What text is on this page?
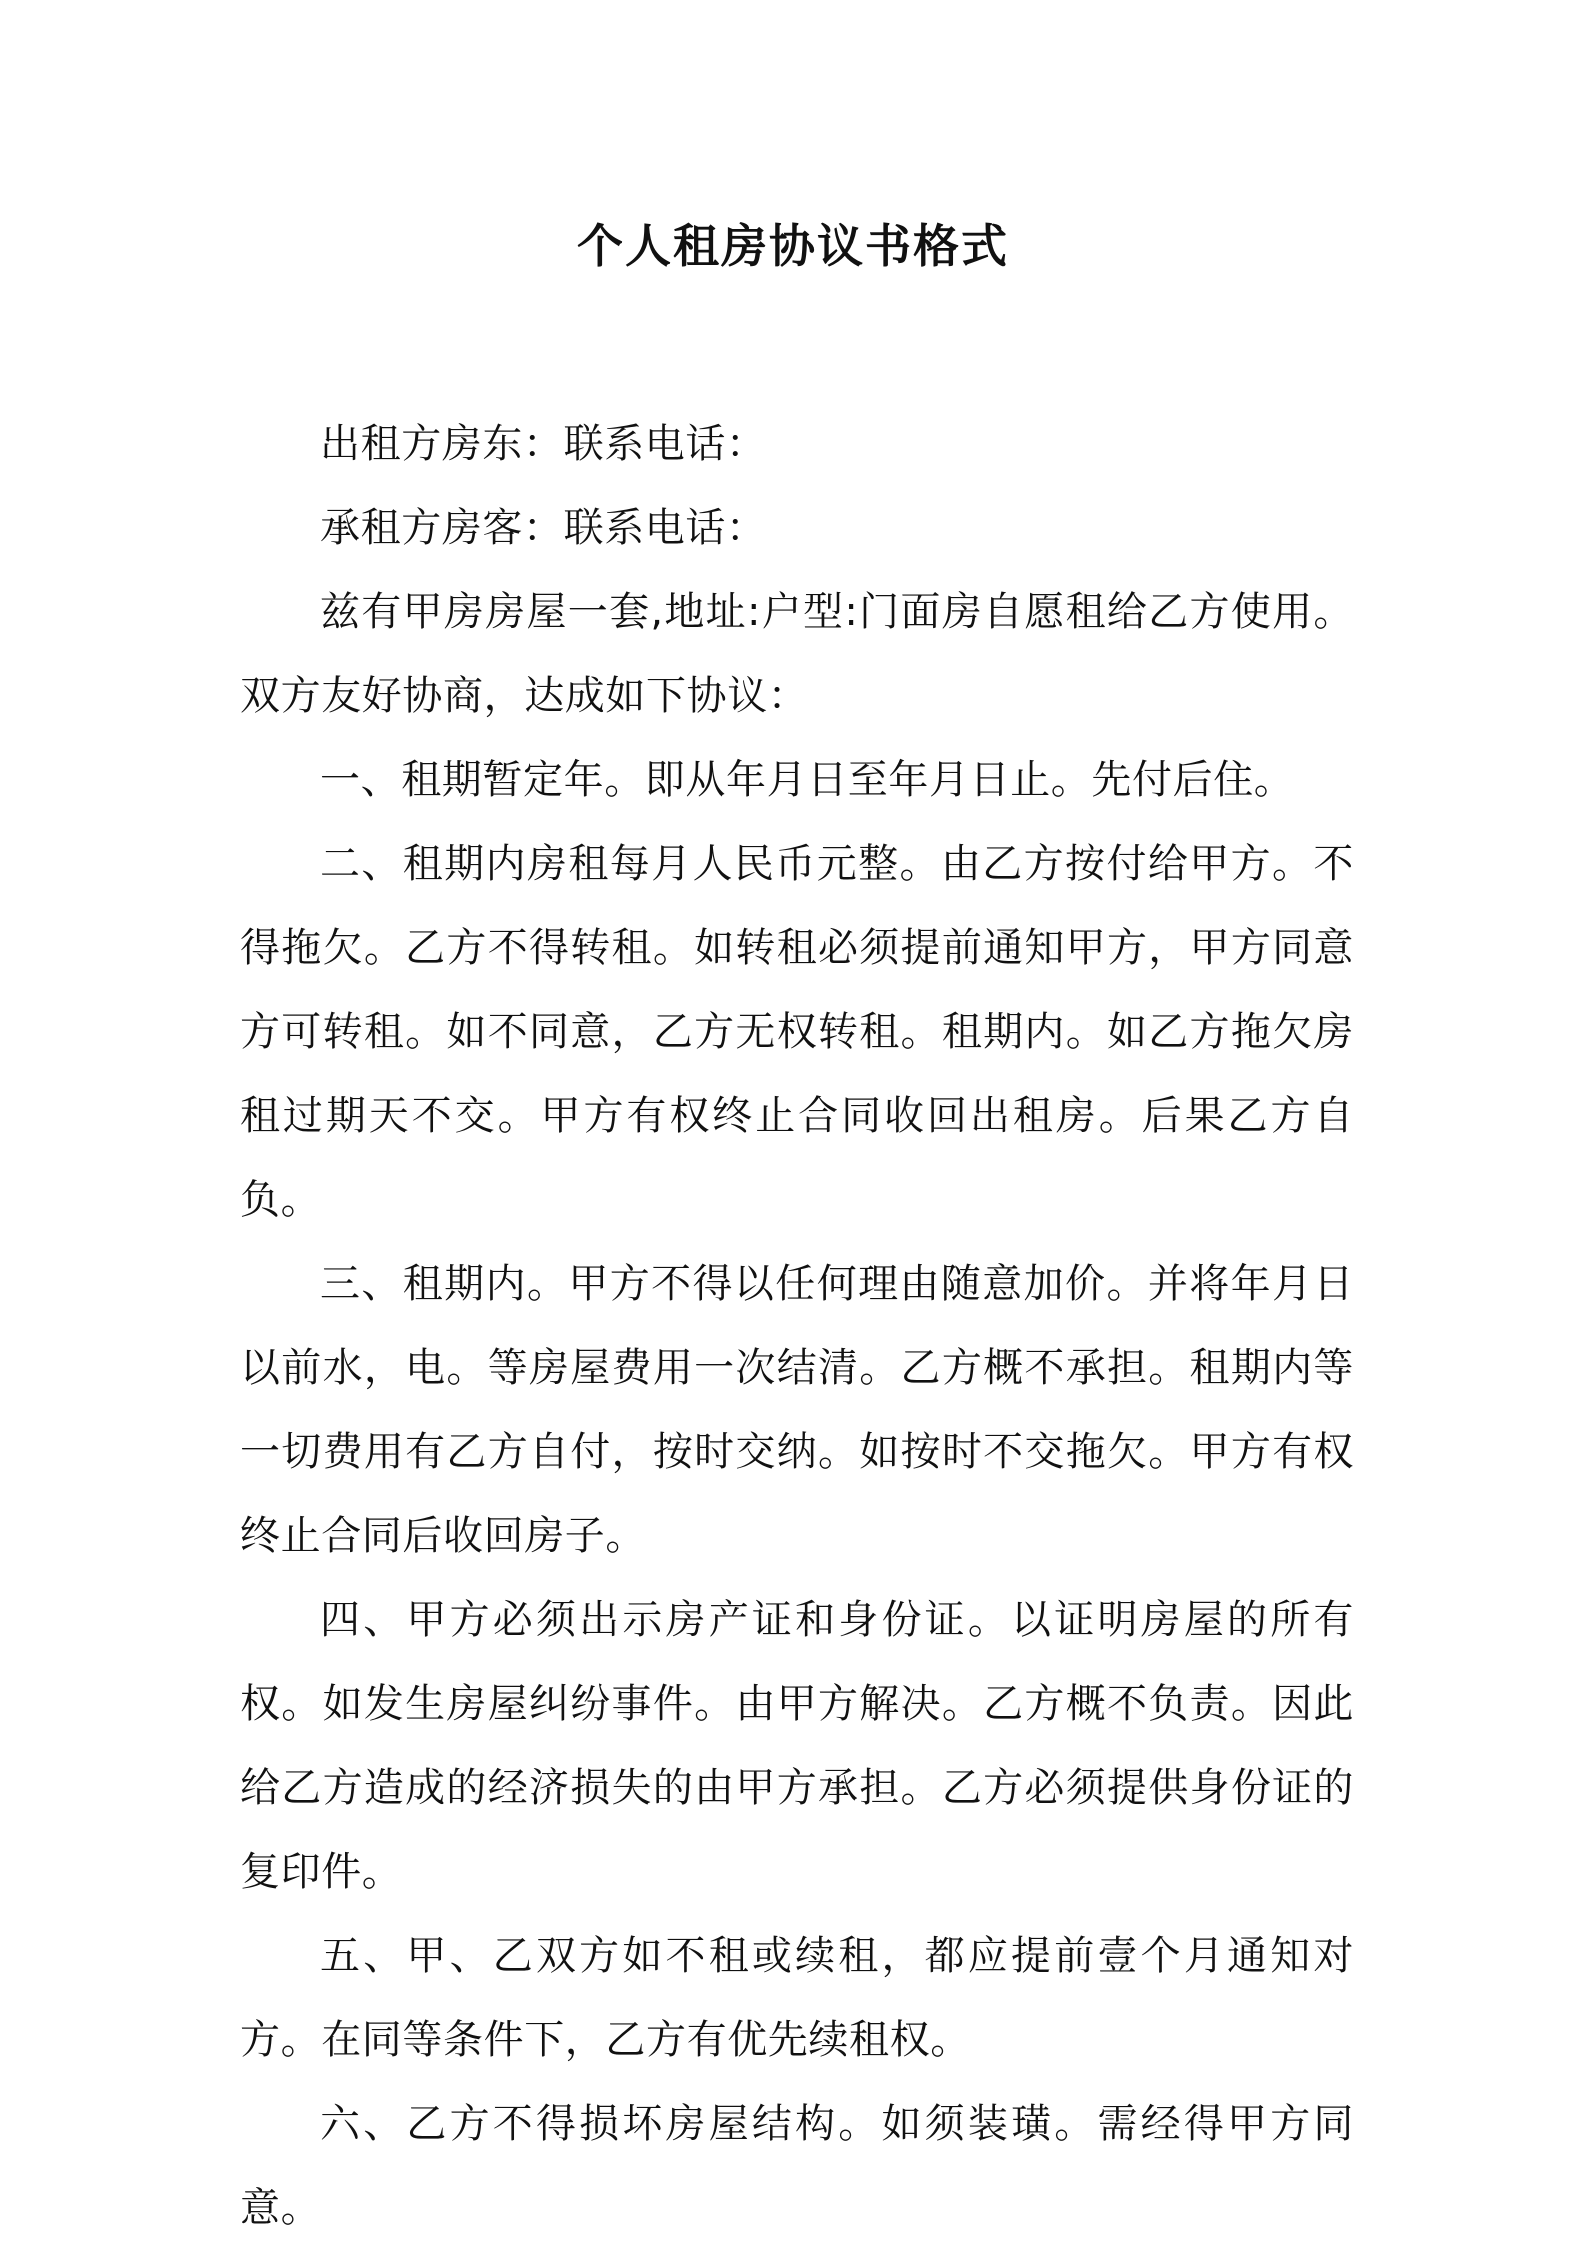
个人租房协议书格式

出租方房东：联系电话：

承租方房客：联系电话：

兹有甲房房屋一套,地址:户型:门面房自愿租给乙方使用。双方友好协商，达成如下协议：

一、租期暂定年。即从年月日至年月日止。先付后住。

二、租期内房租每月人民币元整。由乙方按付给甲方。不得拖欠。乙方不得转租。如转租必须提前通知甲方，甲方同意方可转租。如不同意，乙方无权转租。租期内。如乙方拖欠房租过期天不交。甲方有权终止合同收回出租房。后果乙方自负。

三、租期内。甲方不得以任何理由随意加价。并将年月日以前水，电。等房屋费用一次结清。乙方概不承担。租期内等一切费用有乙方自付，按时交纳。如按时不交拖欠。甲方有权终止合同后收回房子。

四、甲方必须出示房产证和身份证。以证明房屋的所有权。如发生房屋纠纷事件。由甲方解决。乙方概不负责。因此给乙方造成的经济损失的由甲方承担。乙方必须提供身份证的复印件。

五、甲、乙双方如不租或续租，都应提前壹个月通知对方。在同等条件下，乙方有优先续租权。

六、乙方不得损坏房屋结构。如须装璜。需经得甲方同意。
